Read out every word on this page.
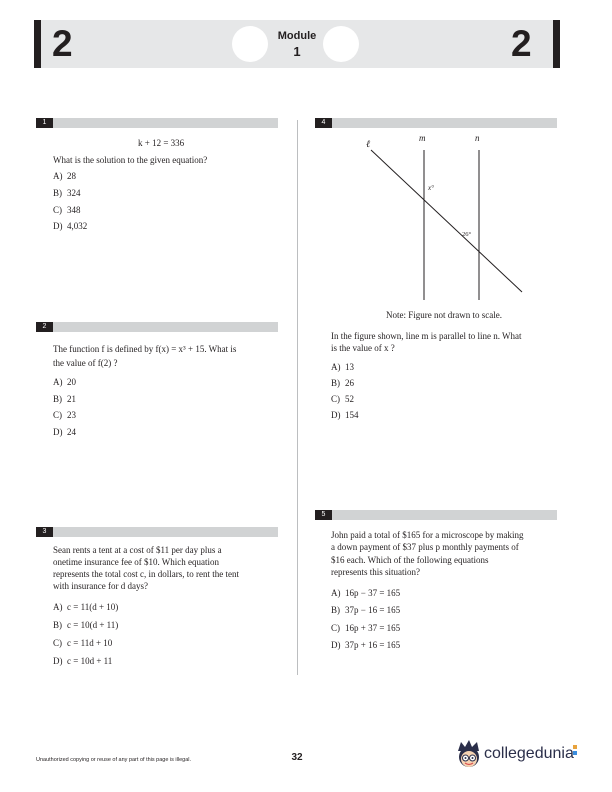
2	2
Module
1
1
k + 12 = 336
What is the solution to the given equation?
A) 28
B) 324
C) 348
D) 4,032
2
The function f is defined by f(x) = x³ + 15. What is
the value of f(2) ?
A) 20
B) 21
C) 23
D) 24
3
Sean rents a tent at a cost of $11 per day plus a
onetime insurance fee of $10. Which equation
represents the total cost c, in dollars, to rent the tent
with insurance for d days?
A) c = 11(d + 10)
B) c = 10(d + 11)
C) c = 11d + 10
D) c = 10d + 11
4
ℓ
m	n
x°
26°
Note: Figure not drawn to scale.
In the figure shown, line m is parallel to line n. What
is the value of x ?
A) 13
B) 26
C) 52
D) 154
5
John paid a total of $165 for a microscope by making
a down payment of $37 plus p monthly payments of
$16 each. Which of the following equations
represents this situation?
A) 16p − 37 = 165
B) 37p − 16 = 165
C) 16p + 37 = 165
D) 37p + 16 = 165
Unauthorized copying or reuse of any part of this page is illegal.	32	collegedunia
